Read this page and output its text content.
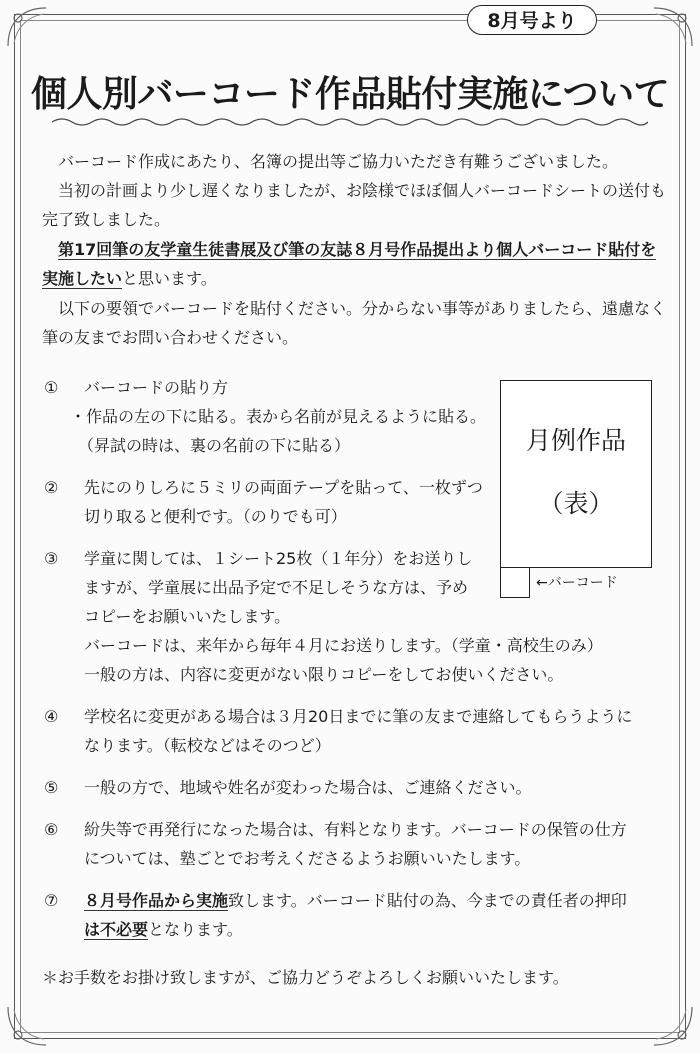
8月号より
個人別バーコード作品貼付実施について
バーコード作成にあたり、名簿の提出等ご協力いただき有難うございました。
当初の計画より少し遅くなりましたが、お陰様でほぼ個人バーコードシートの送付も完了致しました。
第17回筆の友学童生徒書展及び筆の友誌８月号作品提出より個人バーコード貼付を実施したいと思います。
以下の要領でバーコードを貼付ください。分からない事等がありましたら、遠慮なく筆の友までお問い合わせください。
① バーコードの貼り方
・作品の左の下に貼る。表から名前が見えるように貼る。
　（昇試の時は、裏の名前の下に貼る）
② 先にのりしろに５ミリの両面テープを貼って、一枚ずつ
切り取ると便利です。（のりでも可）
③ 学童に関しては、１シート25枚（１年分）をお送りし
ますが、学童展に出品予定で不足しそうな方は、予め
コピーをお願いいたします。
バーコードは、来年から毎年４月にお送りします。（学童・高校生のみ）
一般の方は、内容に変更がない限りコピーをしてお使いください。
④ 学校名に変更がある場合は３月20日までに筆の友まで連絡してもらうように
なります。（転校などはそのつど）
⑤ 一般の方で、地域や姓名が変わった場合は、ご連絡ください。
⑥ 紛失等で再発行になった場合は、有料となります。バーコードの保管の仕方
については、塾ごとでお考えくださるようお願いいたします。
⑦ ８月号作品から実施致します。バーコード貼付の為、今までの責任者の押印
は不必要となります。
月例作品
（表）
←バーコード
＊お手数をお掛け致しますが、ご協力どうぞよろしくお願いいたします。
